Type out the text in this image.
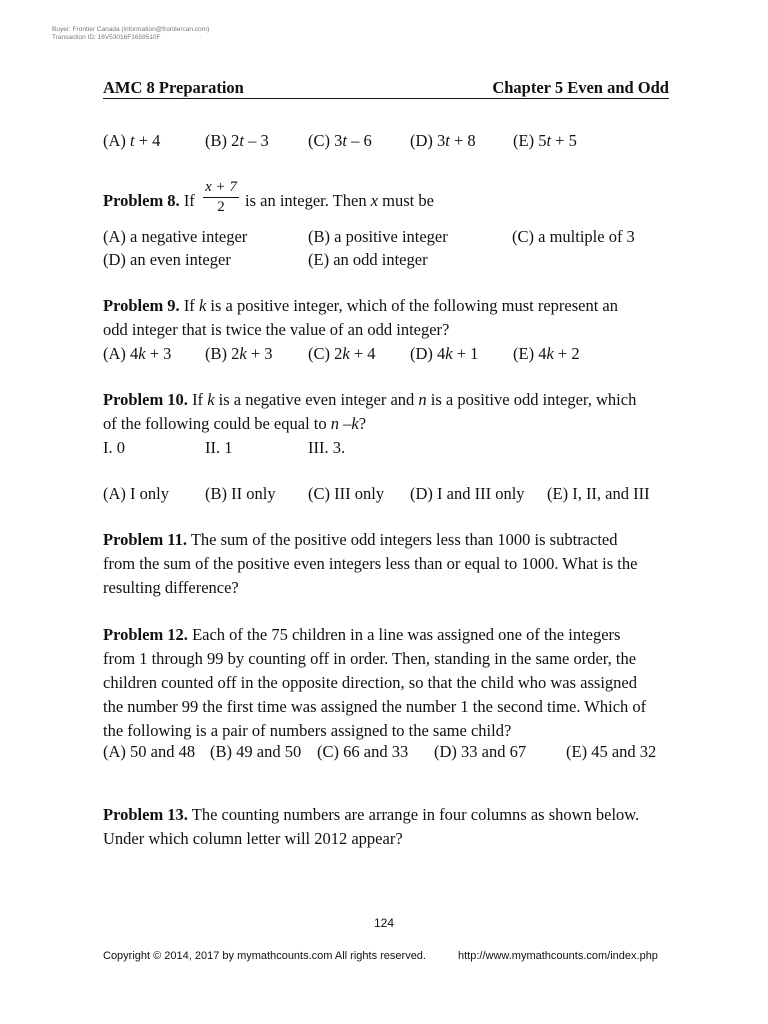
Buyer: Frontier Canada (information@frontiercan.com)
Transaction ID: 16V53016F1659510F
AMC 8 Preparation	Chapter 5 Even and Odd
(A) t + 4	(B) 2t – 3 (C) 3t – 6 (D) 3t + 8 (E) 5t + 5
Problem 8. If $\frac{x + 7}{2}$ is an integer. Then x must be
(A) a negative integer	(B) a positive integer	(C) a multiple of 3
(D) an even integer	(E) an odd integer
Problem 9. If k is a positive integer, which of the following must represent an
odd integer that is twice the value of an odd integer?
(A) 4k + 3 (B) 2k + 3 (C) 2k + 4 (D) 4k + 1 (E) 4k + 2
Problem 10. If k is a negative even integer and n is a positive odd integer, which
of the following could be equal to n –k?
I. 0	II. 1	III. 3.
(A) I only (B) II only (C) III only (D) I and III only (E) I, II, and III
Problem 11. The sum of the positive odd integers less than 1000 is subtracted
from the sum of the positive even integers less than or equal to 1000. What is the
resulting difference?
Problem 12. Each of the 75 children in a line was assigned one of the integers
from 1 through 99 by counting off in order. Then, standing in the same order, the
children counted off in the opposite direction, so that the child who was assigned
the number 99 the first time was assigned the number 1 the second time. Which of
the following is a pair of numbers assigned to the same child?
(A) 50 and 48 (B) 49 and 50 (C) 66 and 33 (D) 33 and 67 (E) 45 and 32
Problem 13. The counting numbers are arrange in four columns as shown below.
Under which column letter will 2012 appear?
124
Copyright © 2014, 2017 by mymathcounts.com All rights reserved.	http://www.mymathcounts.com/index.php
